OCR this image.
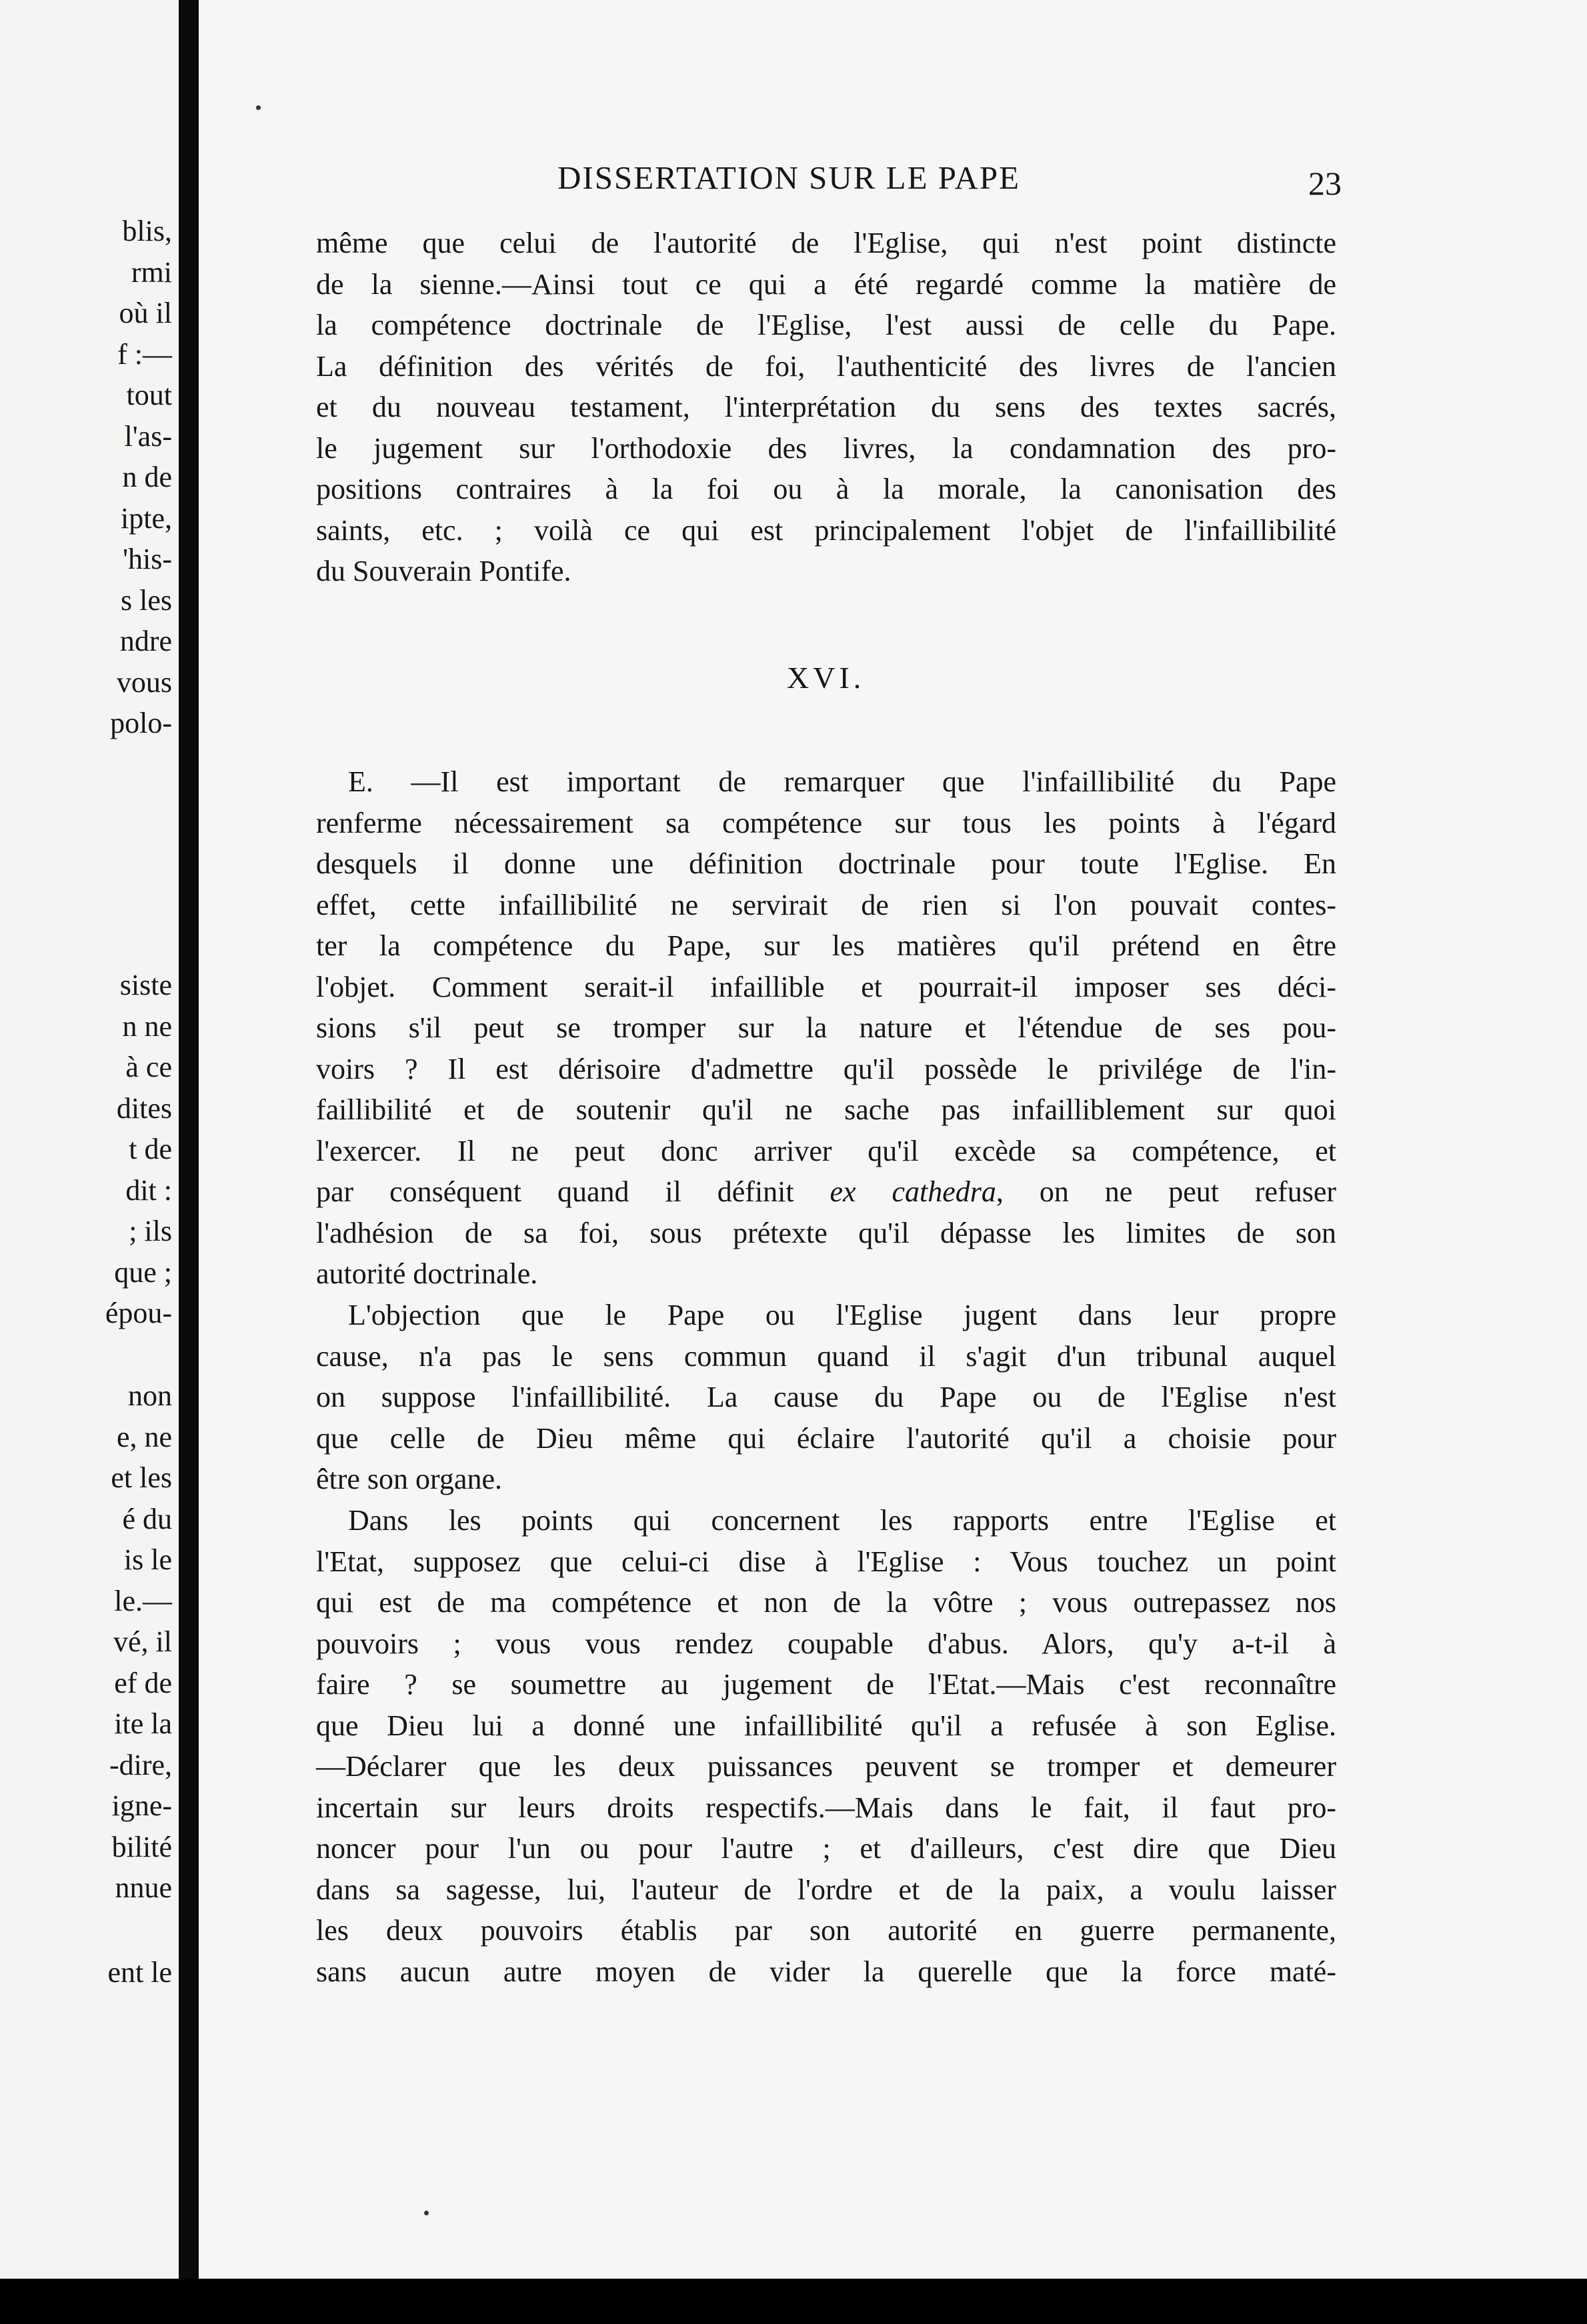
blis,
rmi
où il
f :—
tout
l'as-
n de
ipte,
'his-
s les
ndre
vous
polo-
siste
n ne
à ce
dites
t de
dit :
; ils
que ;
épou-
non
e, ne
et les
é du
is le
le.—
vé, il
ef de
ite la
-dire,
igne-
bilité
nnue
ent le
DISSERTATION SUR LE PAPE	23
même que celui de l'autorité de l'Eglise, qui n'est point distincte
de la sienne.—Ainsi tout ce qui a été regardé comme la matière de
la compétence doctrinale de l'Eglise, l'est aussi de celle du Pape.
La définition des vérités de foi, l'authenticité des livres de l'ancien
et du nouveau testament, l'interprétation du sens des textes sacrés,
le jugement sur l'orthodoxie des livres, la condamnation des pro-
positions contraires à la foi ou à la morale, la canonisation des
saints, etc. ; voilà ce qui est principalement l'objet de l'infaillibilité
du Souverain Pontife.
XVI.
E. —Il est important de remarquer que l'infaillibilité du Pape
renferme nécessairement sa compétence sur tous les points à l'égard
desquels il donne une définition doctrinale pour toute l'Eglise. En
effet, cette infaillibilité ne servirait de rien si l'on pouvait contes-
ter la compétence du Pape, sur les matières qu'il prétend en être
l'objet. Comment serait-il infaillible et pourrait-il imposer ses déci-
sions s'il peut se tromper sur la nature et l'étendue de ses pou-
voirs ? Il est dérisoire d'admettre qu'il possède le privilége de l'in-
faillibilité et de soutenir qu'il ne sache pas infailliblement sur quoi
l'exercer. Il ne peut donc arriver qu'il excède sa compétence, et
par conséquent quand il définit ex cathedra, on ne peut refuser
l'adhésion de sa foi, sous prétexte qu'il dépasse les limites de son
autorité doctrinale.
L'objection que le Pape ou l'Eglise jugent dans leur propre
cause, n'a pas le sens commun quand il s'agit d'un tribunal auquel
on suppose l'infaillibilité. La cause du Pape ou de l'Eglise n'est
que celle de Dieu même qui éclaire l'autorité qu'il a choisie pour
être son organe.
Dans les points qui concernent les rapports entre l'Eglise et
l'Etat, supposez que celui-ci dise à l'Eglise : Vous touchez un point
qui est de ma compétence et non de la vôtre ; vous outrepassez nos
pouvoirs ; vous vous rendez coupable d'abus. Alors, qu'y a-t-il à
faire ? se soumettre au jugement de l'Etat.—Mais c'est reconnaître
que Dieu lui a donné une infaillibilité qu'il a refusée à son Eglise.
—Déclarer que les deux puissances peuvent se tromper et demeurer
incertain sur leurs droits respectifs.—Mais dans le fait, il faut pro-
noncer pour l'un ou pour l'autre ; et d'ailleurs, c'est dire que Dieu
dans sa sagesse, lui, l'auteur de l'ordre et de la paix, a voulu laisser
les deux pouvoirs établis par son autorité en guerre permanente,
sans aucun autre moyen de vider la querelle que la force maté-
